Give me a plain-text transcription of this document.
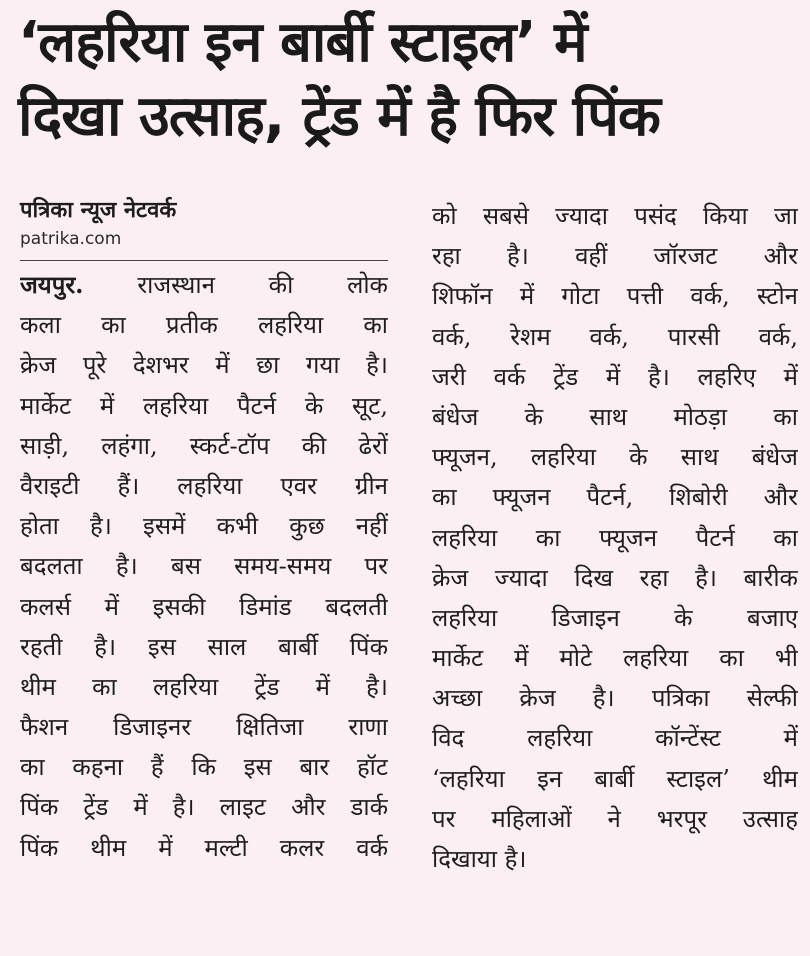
‘लहरिया इन बार्बी स्टाइल’ में
दिखा उत्साह, ट्रेंड में है फिर पिंक

पत्रिका न्यूज नेटवर्क

patrika.com

जयपुर. राजस्थान की लोक
कला का प्रतीक लहरिया का
क्रेज पूरे देशभर में छा गया है।
मार्केट में लहरिया पैटर्न के सूट,
साड़ी, लहंगा, स्कर्ट-टॉप की ढेरों
वैराइटी हैं। लहरिया एवर ग्रीन
होता है। इसमें कभी कुछ नहीं
बदलता है। बस समय-समय पर
कलर्स में इसकी डिमांड बदलती
रहती है। इस साल बार्बी पिंक
थीम का लहरिया ट्रेंड में है।
फैशन डिजाइनर क्षितिजा राणा
का कहना हैं कि इस बार हॉट
पिंक ट्रेंड में है। लाइट और डार्क
पिंक थीम में मल्टी कलर वर्क
को सबसे ज्यादा पसंद किया जा
रहा है। वहीं जॉरजट और
शिफॉन में गोटा पत्ती वर्क, स्टोन
वर्क, रेशम वर्क, पारसी वर्क,
जरी वर्क ट्रेंड में है। लहरिए में
बंधेज के साथ मोठड़ा का
फ्यूजन, लहरिया के साथ बंधेज
का फ्यूजन पैटर्न, शिबोरी और
लहरिया का फ्यूजन पैटर्न का
क्रेज ज्यादा दिख रहा है। बारीक
लहरिया डिजाइन के बजाए
मार्केट में मोटे लहरिया का भी
अच्छा क्रेज है। पत्रिका सेल्फी
विद लहरिया कॉन्टेंस्ट में
‘लहरिया इन बार्बी स्टाइल’ थीम
पर महिलाओं ने भरपूर उत्साह
दिखाया है।
